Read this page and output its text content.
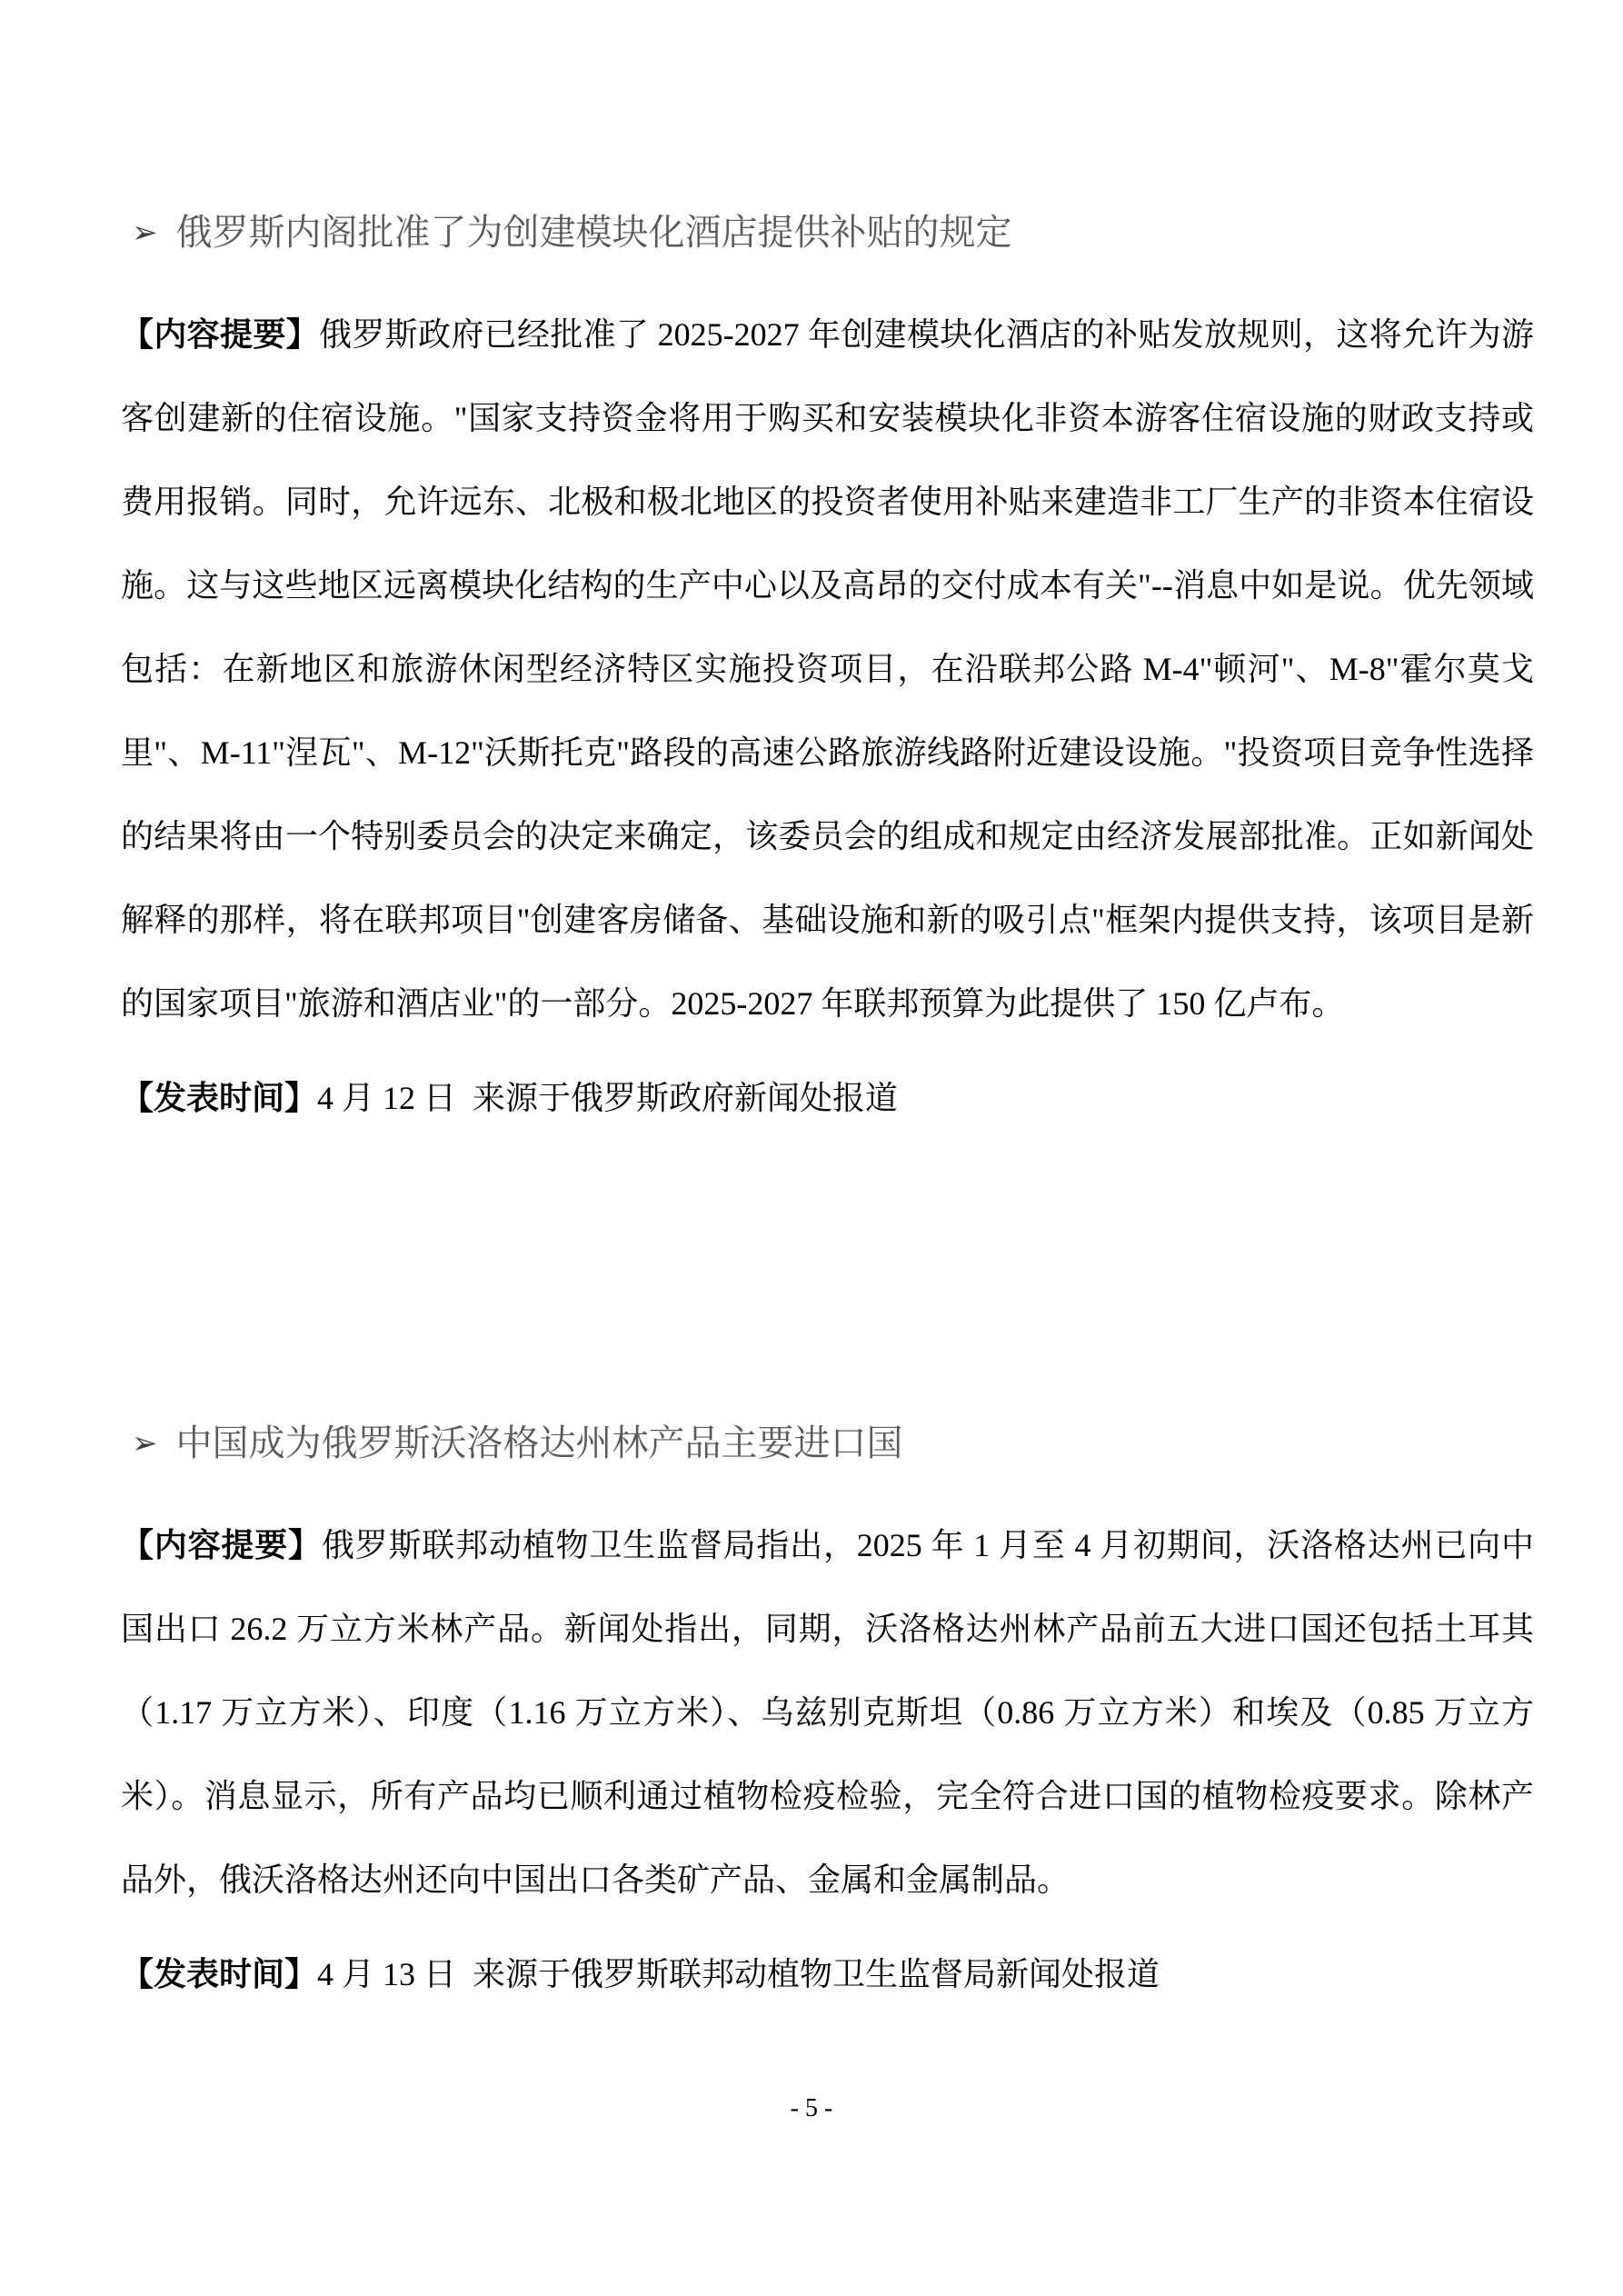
➢ 俄罗斯内阁批准了为创建模块化酒店提供补贴的规定

【内容提要】俄罗斯政府已经批准了 2025-2027 年创建模块化酒店的补贴发放规则，这将允许为游客创建新的住宿设施。"国家支持资金将用于购买和安装模块化非资本游客住宿设施的财政支持或费用报销。同时，允许远东、北极和极北地区的投资者使用补贴来建造非工厂生产的非资本住宿设施。这与这些地区远离模块化结构的生产中心以及高昂的交付成本有关"--消息中如是说。优先领域包括：在新地区和旅游休闲型经济特区实施投资项目，在沿联邦公路 M-4"顿河"、M-8"霍尔莫戈里"、M-11"涅瓦"、M-12"沃斯托克"路段的高速公路旅游线路附近建设设施。"投资项目竞争性选择的结果将由一个特别委员会的决定来确定，该委员会的组成和规定由经济发展部批准。正如新闻处解释的那样，将在联邦项目"创建客房储备、基础设施和新的吸引点"框架内提供支持，该项目是新的国家项目"旅游和酒店业"的一部分。2025-2027 年联邦预算为此提供了 150 亿卢布。

【发表时间】4 月 12 日  来源于俄罗斯政府新闻处报道

➢ 中国成为俄罗斯沃洛格达州林产品主要进口国

【内容提要】俄罗斯联邦动植物卫生监督局指出，2025 年 1 月至 4 月初期间，沃洛格达州已向中国出口 26.2 万立方米林产品。新闻处指出，同期，沃洛格达州林产品前五大进口国还包括土耳其（1.17 万立方米）、印度（1.16 万立方米）、乌兹别克斯坦（0.86 万立方米）和埃及（0.85 万立方米）。消息显示，所有产品均已顺利通过植物检疫检验，完全符合进口国的植物检疫要求。除林产品外，俄沃洛格达州还向中国出口各类矿产品、金属和金属制品。

【发表时间】4 月 13 日  来源于俄罗斯联邦动植物卫生监督局新闻处报道

- 5 -
